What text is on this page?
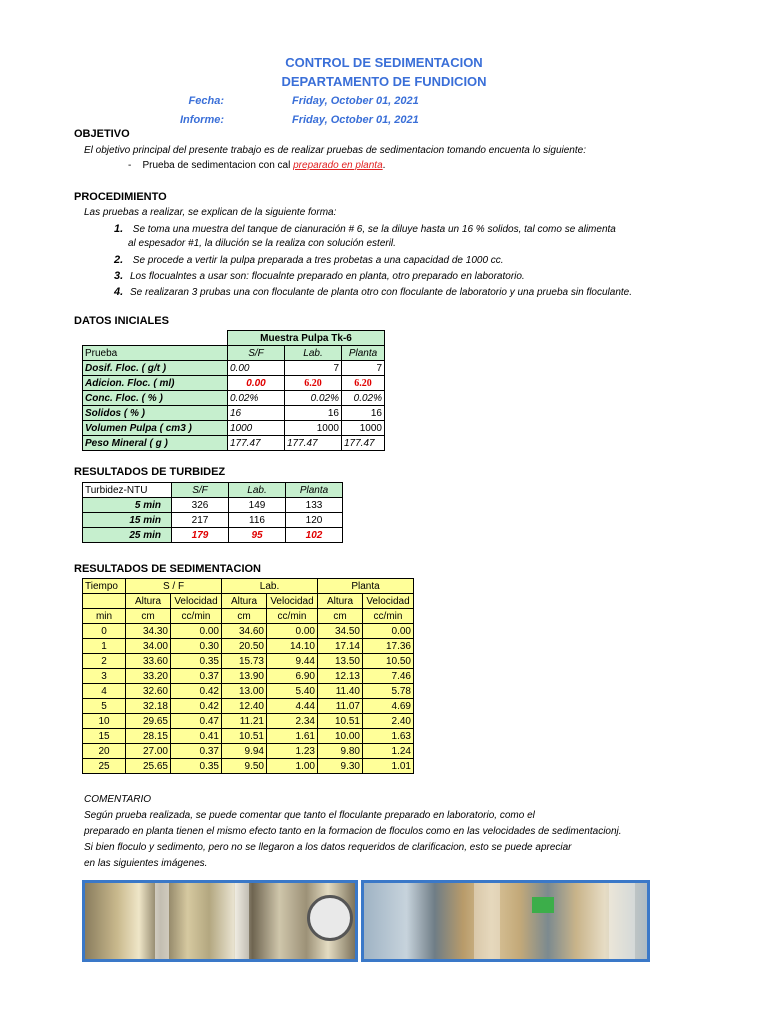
CONTROL DE SEDIMENTACION
DEPARTAMENTO DE FUNDICION
Fecha:	Friday, October 01, 2021
Informe:	Friday, October 01, 2021
OBJETIVO
El objetivo principal del presente trabajo es de realizar pruebas de sedimentacion tomando encuenta lo siguiente:
- Prueba de sedimentacion con cal preparado en planta.
PROCEDIMIENTO
Las pruebas a realizar, se explican de la siguiente forma:
1. Se toma una muestra del tanque de cianuración # 6, se la diluye hasta un 16 % solidos, tal como se alimenta
al espesador #1, la dilución se la realiza con solución esteril.
2. Se procede a vertir la pulpa preparada a tres probetas a una capacidad de 1000 cc.
3. Los flocualntes a usar son: flocualnte preparado en planta, otro preparado en laboratorio.
4. Se realizaran 3 prubas una con floculante de planta otro con floculante de laboratorio y una prueba sin floculante.
DATOS INICIALES
	Muestra Pulpa Tk-6		
Prueba	S/F	Lab.	Planta
Dosif. Floc. ( g/t )	0.00	7	7
Adicion. Floc. ( ml)	0.00	6.20	6.20
Conc. Floc. ( % )	0.02%	0.02%	0.02%
Solidos ( % )	16	16	16
Volumen Pulpa ( cm3 )	1000	1000	1000
Peso Mineral ( g )	177.47	177.47	177.47
RESULTADOS DE TURBIDEZ
Turbidez-NTU	S/F	Lab.	Planta
5 min	326	149	133
15 min	217	116	120
25 min	179	95	102
RESULTADOS DE SEDIMENTACION
Tiempo	S / F		Lab.		Planta	
	Altura	Velocidad	Altura	Velocidad	Altura	Velocidad
min	cm	cc/min	cm	cc/min	cm	cc/min
0	34.30	0.00	34.60	0.00	34.50	0.00
1	34.00	0.30	20.50	14.10	17.14	17.36
2	33.60	0.35	15.73	9.44	13.50	10.50
3	33.20	0.37	13.90	6.90	12.13	7.46
4	32.60	0.42	13.00	5.40	11.40	5.78
5	32.18	0.42	12.40	4.44	11.07	4.69
10	29.65	0.47	11.21	2.34	10.51	2.40
15	28.15	0.41	10.51	1.61	10.00	1.63
20	27.00	0.37	9.94	1.23	9.80	1.24
25	25.65	0.35	9.50	1.00	9.30	1.01
COMENTARIO
Según prueba realizada, se puede comentar que tanto el floculante preparado en laboratorio, como el
preparado en planta tienen el mismo efecto tanto en la formacion de floculos como en las velocidades de sedimentacionj.
Si bien floculo y sedimento, pero no se llegaron a los datos requeridos de clarificacion, esto se puede apreciar
en las siguientes imágenes.
